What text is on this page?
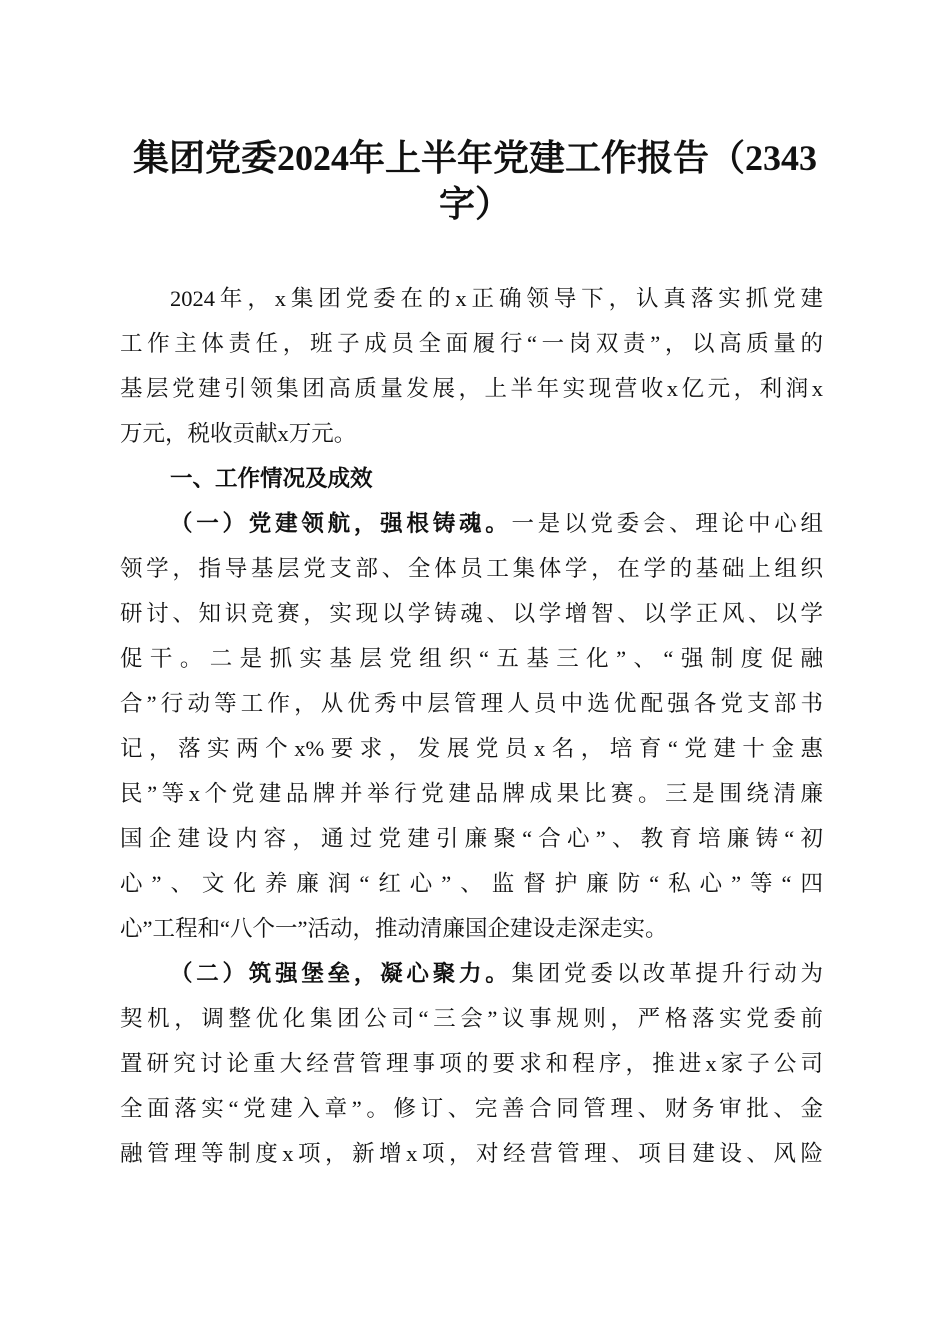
集团党委2024年上半年党建工作报告（2343
字）
2024年，x集团党委在的x正确领导下，认真落实抓党建
工作主体责任，班子成员全面履行“一岗双责”，以高质量的
基层党建引领集团高质量发展，上半年实现营收x亿元，利润x
万元，税收贡献x万元。
一、工作情况及成效
（一）党建领航，强根铸魂。一是以党委会、理论中心组
领学，指导基层党支部、全体员工集体学，在学的基础上组织
研讨、知识竞赛，实现以学铸魂、以学增智、以学正风、以学
促干。二是抓实基层党组织“五基三化”、“强制度促融
合”行动等工作，从优秀中层管理人员中选优配强各党支部书
记，落实两个x%要求，发展党员x名，培育“党建十金惠
民”等x个党建品牌并举行党建品牌成果比赛。三是围绕清廉
国企建设内容，通过党建引廉聚“合心”、教育培廉铸“初
心”、文化养廉润“红心”、监督护廉防“私心”等“四
心”工程和“八个一”活动，推动清廉国企建设走深走实。
（二）筑强堡垒，凝心聚力。集团党委以改革提升行动为
契机，调整优化集团公司“三会”议事规则，严格落实党委前
置研究讨论重大经营管理事项的要求和程序，推进x家子公司
全面落实“党建入章”。修订、完善合同管理、财务审批、金
融管理等制度x项，新增x项，对经营管理、项目建设、风险
